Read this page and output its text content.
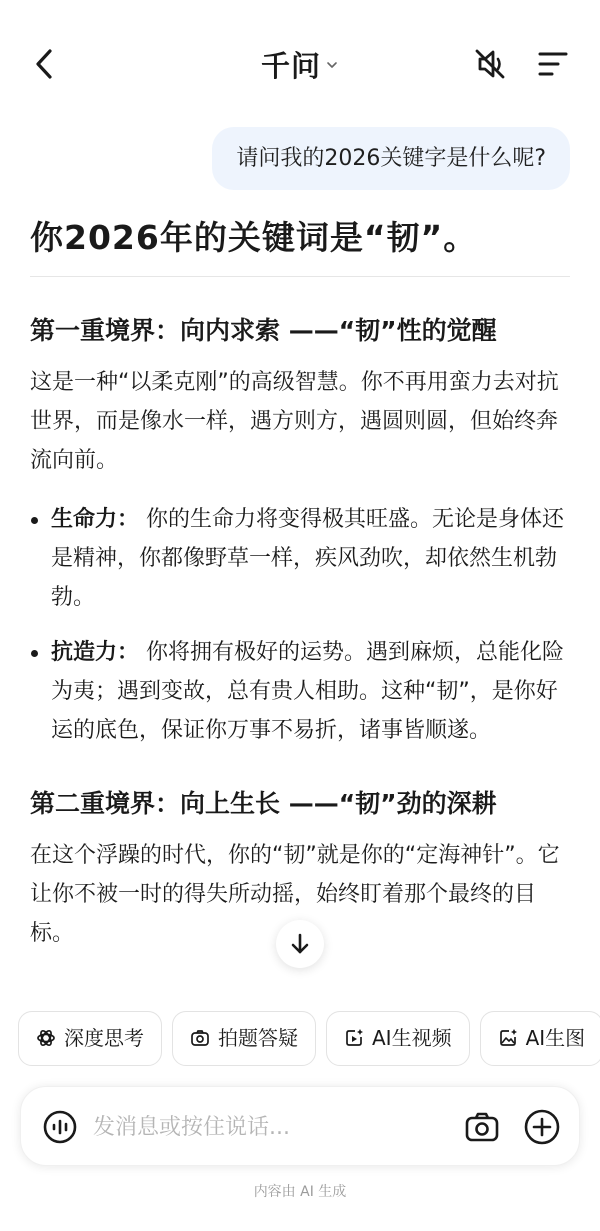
千问
请问我的2026关键字是什么呢?
你2026年的关键词是“韧”。
第一重境界：向内求索 ——“韧”性的觉醒
这是一种“以柔克刚”的高级智慧。你不再用蛮力去对抗世界，而是像水一样，遇方则方，遇圆则圆，但始终奔流向前。
生命力： 你的生命力将变得极其旺盛。无论是身体还是精神，你都像野草一样，疾风劲吹，却依然生机勃勃。
抗造力： 你将拥有极好的运势。遇到麻烦，总能化险为夷；遇到变故，总有贵人相助。这种“韧”，是你好运的底色，保证你万事不易折，诸事皆顺遂。
第二重境界：向上生长 ——“韧”劲的深耕
在这个浮躁的时代，你的“韧”就是你的“定海神针”。它让你不被一时的得失所动摇，始终盯着那个最终的目标。
深度思考	拍题答疑	AI生视频	AI生图
发消息或按住说话...
内容由 AI 生成
